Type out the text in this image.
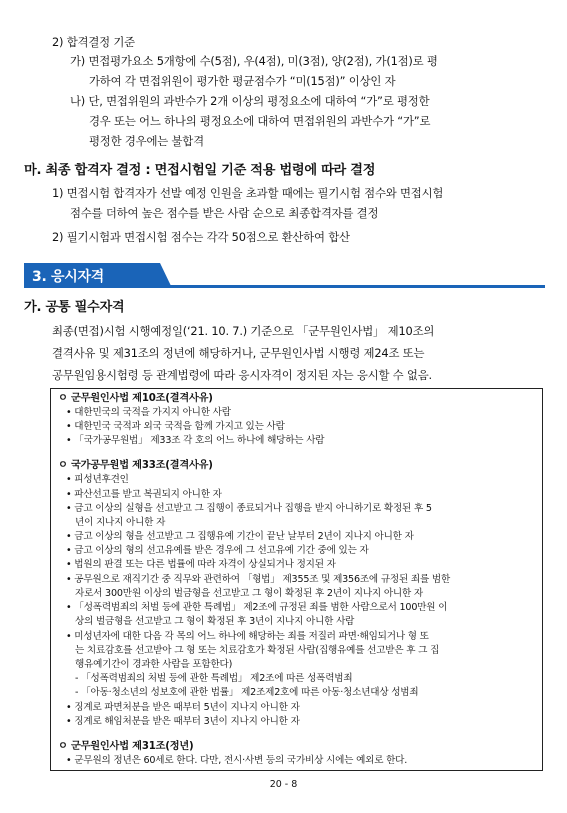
2) 합격결정 기준
가) 면접평가요소 5개항에 수(5점), 우(4점), 미(3점), 양(2점), 가(1점)로 평
가하여 각 면접위원이 평가한 평균점수가 “미(15점)” 이상인 자
나) 단, 면접위원의 과반수가 2개 이상의 평정요소에 대하여 “가”로 평정한
경우 또는 어느 하나의 평정요소에 대하여 면접위원의 과반수가 “가”로
평정한 경우에는 불합격
마. 최종 합격자 결정 : 면접시험일 기준 적용 법령에 따라 결정
1) 면접시험 합격자가 선발 예정 인원을 초과할 때에는 필기시험 점수와 면접시험
점수를 더하여 높은 점수를 받은 사람 순으로 최종합격자를 결정
2) 필기시험과 면접시험 점수는 각각 50점으로 환산하여 합산
3. 응시자격
가. 공통 필수자격
최종(면접)시험 시행예정일(‘21. 10. 7.) 기준으로 「군무원인사법」 제10조의
결격사유 및 제31조의 정년에 해당하거나, 군무원인사법 시행령 제24조 또는
공무원임용시험령 등 관계법령에 따라 응시자격이 정지된 자는 응시할 수 없음.
ㅇ 군무원인사법 제10조(결격사유)
• 대한민국의 국적을 가지지 아니한 사람
• 대한민국 국적과 외국 국적을 함께 가지고 있는 사람
• 「국가공무원법」 제33조 각 호의 어느 하나에 해당하는 사람
ㅇ 국가공무원법 제33조(결격사유)
• 피성년후견인
• 파산선고를 받고 복권되지 아니한 자
• 금고 이상의 실형을 선고받고 그 집행이 종료되거나 집행을 받지 아니하기로 확정된 후 5
년이 지나지 아니한 자
• 금고 이상의 형을 선고받고 그 집행유예 기간이 끝난 날부터 2년이 지나지 아니한 자
• 금고 이상의 형의 선고유예를 받은 경우에 그 선고유예 기간 중에 있는 자
• 법원의 판결 또는 다른 법률에 따라 자격이 상실되거나 정지된 자
• 공무원으로 재직기간 중 직무와 관련하여 「형법」 제355조 및 제356조에 규정된 죄를 범한
자로서 300만원 이상의 벌금형을 선고받고 그 형이 확정된 후 2년이 지나지 아니한 자
• 「성폭력범죄의 처벌 등에 관한 특례법」 제2조에 규정된 죄를 범한 사람으로서 100만원 이
상의 벌금형을 선고받고 그 형이 확정된 후 3년이 지나지 아니한 사람
• 미성년자에 대한 다음 각 목의 어느 하나에 해당하는 죄를 저질러 파면·해임되거나 형 또
는 치료감호를 선고받아 그 형 또는 치료감호가 확정된 사람(집행유예를 선고받은 후 그 집
행유예기간이 경과한 사람을 포함한다)
- 「성폭력범죄의 처벌 등에 관한 특례법」 제2조에 따른 성폭력범죄
- 「아동·청소년의 성보호에 관한 법률」 제2조제2호에 따른 아동·청소년대상 성범죄
• 징계로 파면처분을 받은 때부터 5년이 지나지 아니한 자
• 징계로 해임처분을 받은 때부터 3년이 지나지 아니한 자
ㅇ 군무원인사법 제31조(정년)
• 군무원의 정년은 60세로 한다. 다만, 전시·사변 등의 국가비상 시에는 예외로 한다.
20 - 8
